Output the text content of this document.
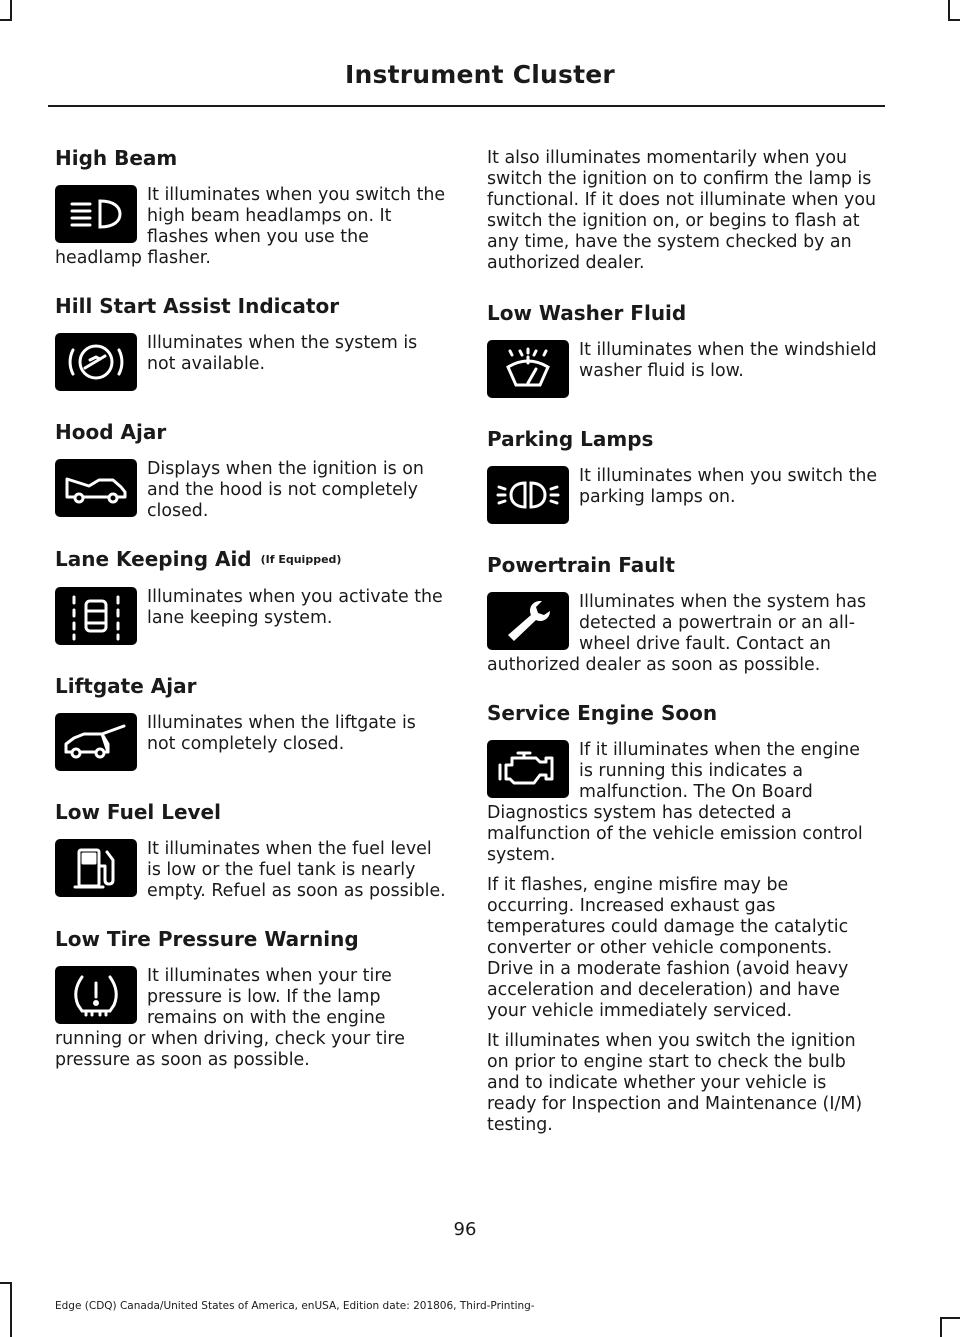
Instrument Cluster
High Beam

It illuminates when you switch the high beam headlamps on. It flashes when you use the headlamp flasher.

Hill Start Assist Indicator

Illuminates when the system is not available.

Hood Ajar

Displays when the ignition is on and the hood is not completely closed.

Lane Keeping Aid (If Equipped)

Illuminates when you activate the lane keeping system.

Liftgate Ajar

Illuminates when the liftgate is not completely closed.

Low Fuel Level

It illuminates when the fuel level is low or the fuel tank is nearly empty. Refuel as soon as possible.

Low Tire Pressure Warning

It illuminates when your tire pressure is low. If the lamp remains on with the engine running or when driving, check your tire pressure as soon as possible.

It also illuminates momentarily when you switch the ignition on to confirm the lamp is functional. If it does not illuminate when you switch the ignition on, or begins to flash at any time, have the system checked by an authorized dealer.

Low Washer Fluid

It illuminates when the windshield washer fluid is low.

Parking Lamps

It illuminates when you switch the parking lamps on.

Powertrain Fault

Illuminates when the system has detected a powertrain or an all-wheel drive fault. Contact an authorized dealer as soon as possible.

Service Engine Soon

If it illuminates when the engine is running this indicates a malfunction. The On Board Diagnostics system has detected a malfunction of the vehicle emission control system.

If it flashes, engine misfire may be occurring. Increased exhaust gas temperatures could damage the catalytic converter or other vehicle components. Drive in a moderate fashion (avoid heavy acceleration and deceleration) and have your vehicle immediately serviced.

It illuminates when you switch the ignition on prior to engine start to check the bulb and to indicate whether your vehicle is ready for Inspection and Maintenance (I/M) testing.

96
Edge (CDQ) Canada/United States of America, enUSA, Edition date: 201806, Third-Printing-
